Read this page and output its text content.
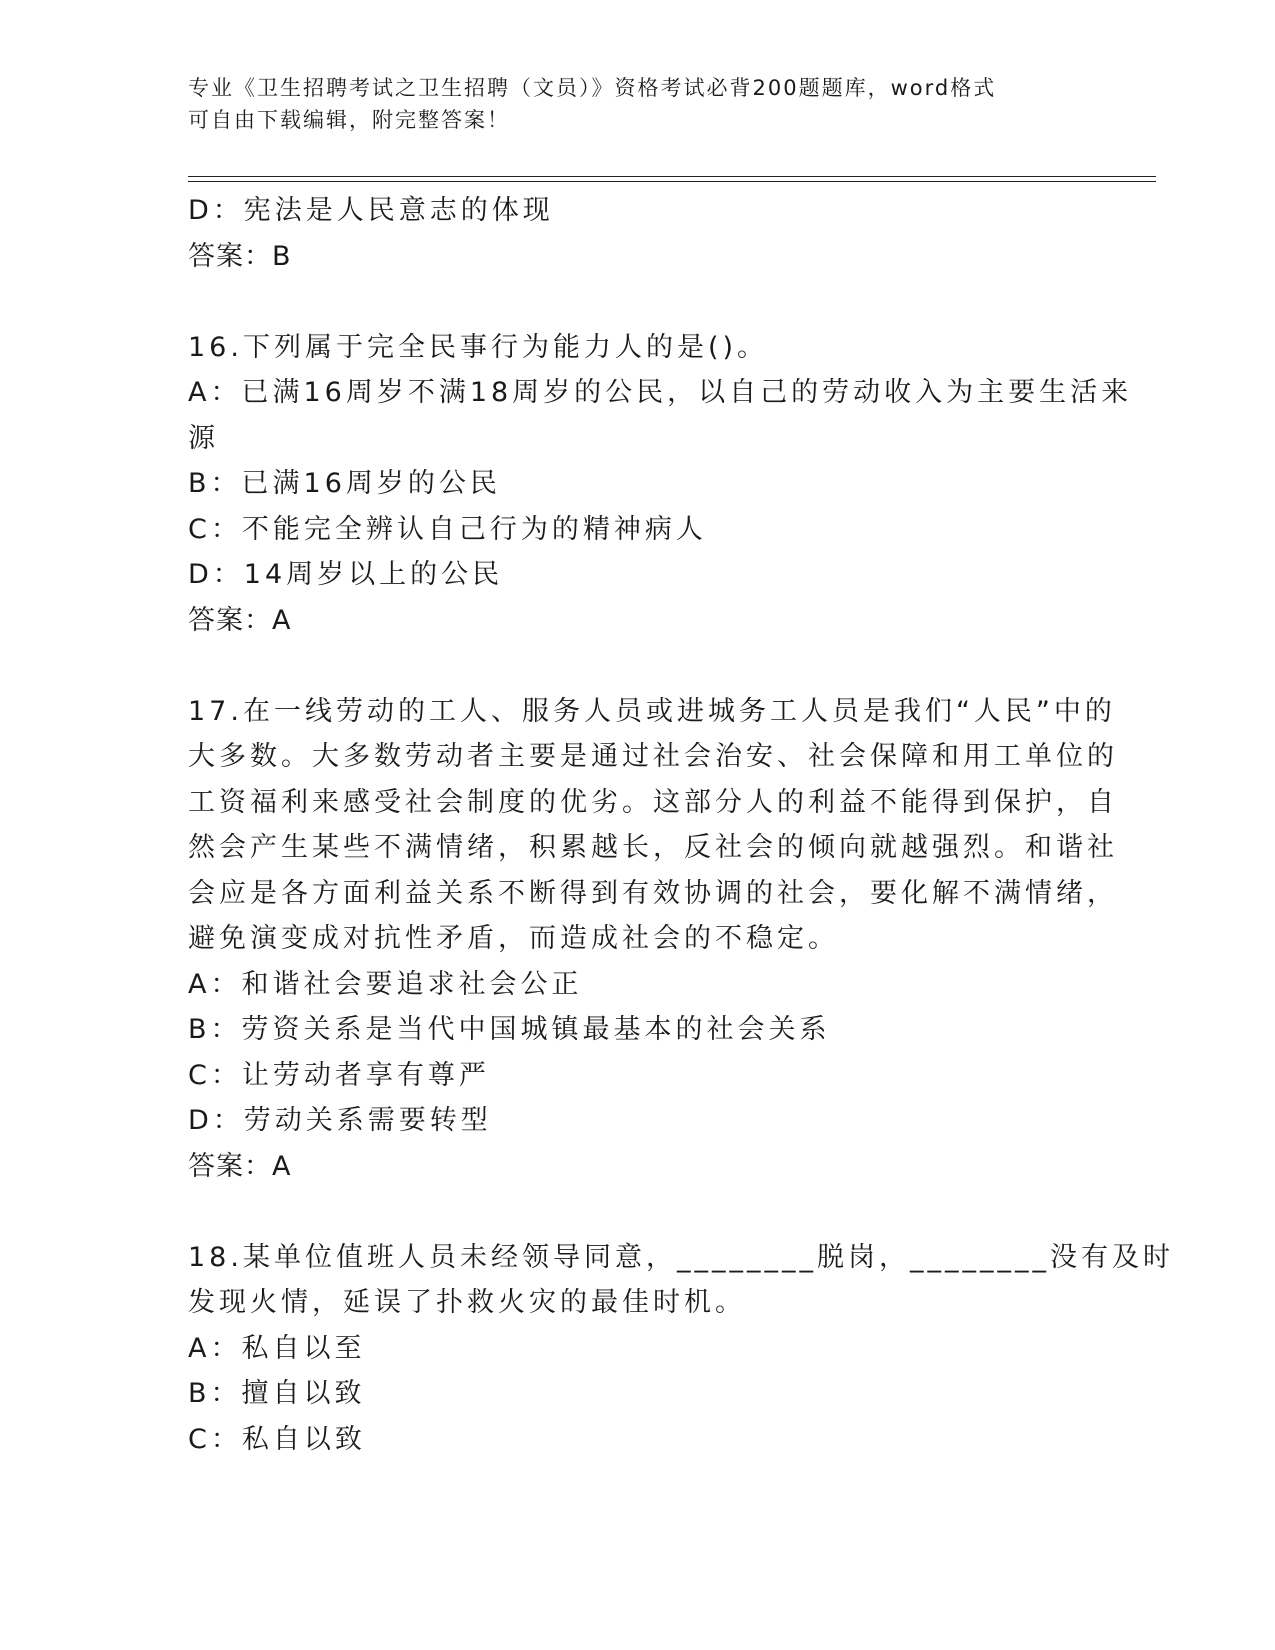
专业《卫生招聘考试之卫生招聘（文员）》资格考试必背200题题库，word格式
可自由下载编辑，附完整答案！
D：宪法是人民意志的体现
答案：B
16.下列属于完全民事行为能力人的是()。
A：已满16周岁不满18周岁的公民，以自己的劳动收入为主要生活来
源
B：已满16周岁的公民
C：不能完全辨认自己行为的精神病人
D：14周岁以上的公民
答案：A
17.在一线劳动的工人、服务人员或进城务工人员是我们“人民”中的
大多数。大多数劳动者主要是通过社会治安、社会保障和用工单位的
工资福利来感受社会制度的优劣。这部分人的利益不能得到保护，自
然会产生某些不满情绪，积累越长，反社会的倾向就越强烈。和谐社
会应是各方面利益关系不断得到有效协调的社会，要化解不满情绪，
避免演变成对抗性矛盾，而造成社会的不稳定。
A：和谐社会要追求社会公正
B：劳资关系是当代中国城镇最基本的社会关系
C：让劳动者享有尊严
D：劳动关系需要转型
答案：A
18.某单位值班人员未经领导同意，________脱岗，________没有及时
发现火情，延误了扑救火灾的最佳时机。
A：私自以至
B：擅自以致
C：私自以致
